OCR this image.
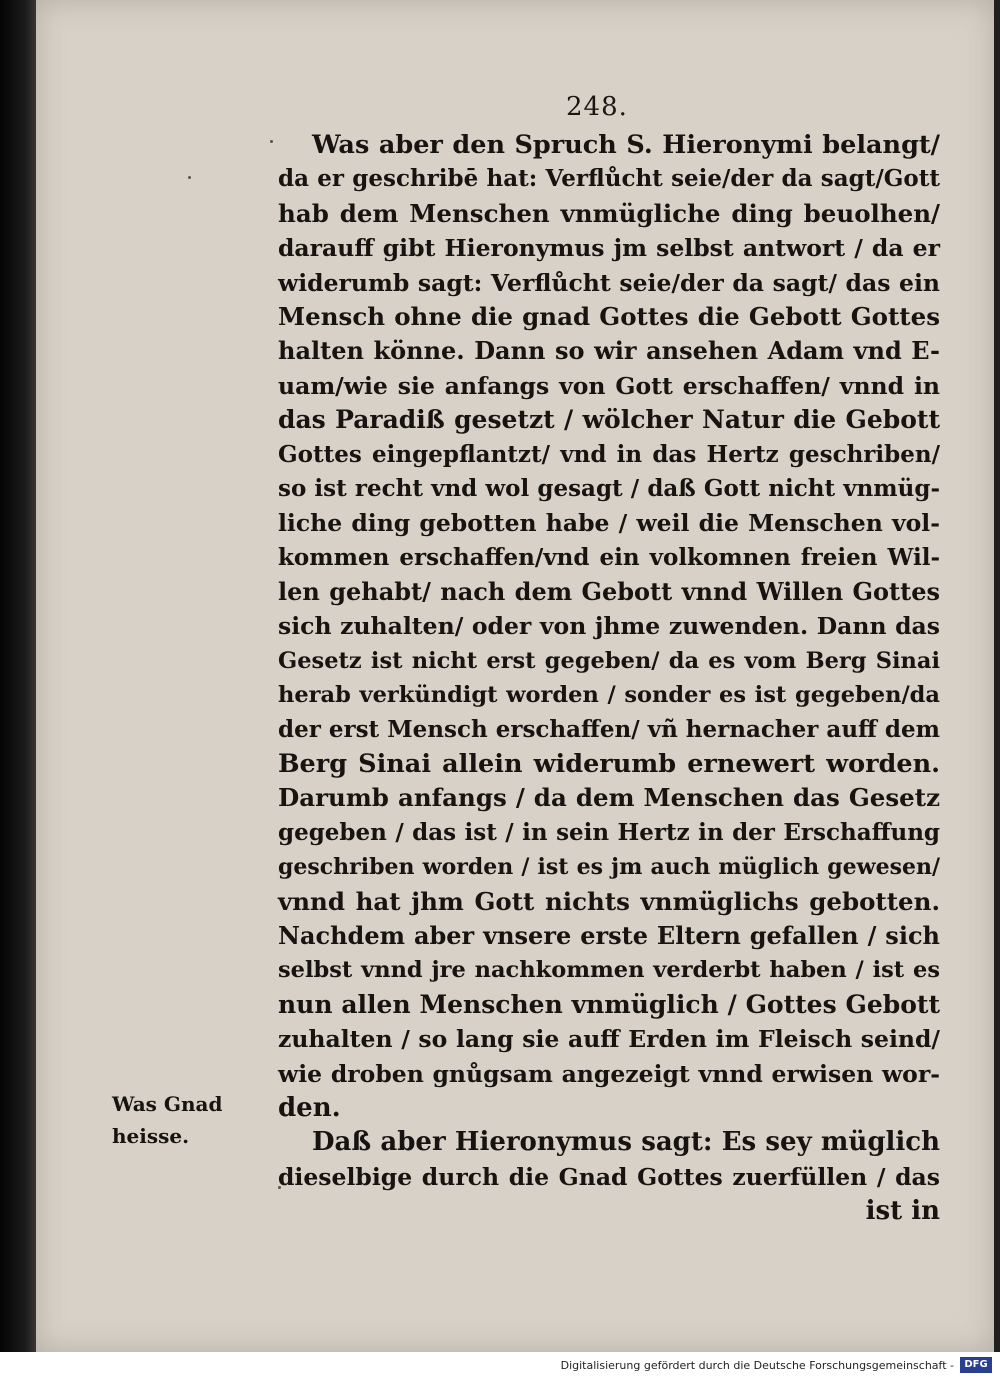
248.
Was aber den Spruch S. Hieronymi belangt/
da er geschribē hat: Verflůcht seie/der da sagt/Gott
hab dem Menschen vnmügliche ding beuolhen/
darauff gibt Hieronymus jm selbst antwort / da er
widerumb sagt: Verflůcht seie/der da sagt/ das ein
Mensch ohne die gnad Gottes die Gebott Gottes
halten könne. Dann so wir ansehen Adam vnd E-
uam/wie sie anfangs von Gott erschaffen/ vnnd in
das Paradiß gesetzt / wölcher Natur die Gebott
Gottes eingepflantzt/ vnd in das Hertz geschriben/
so ist recht vnd wol gesagt / daß Gott nicht vnmüg-
liche ding gebotten habe / weil die Menschen vol-
kommen erschaffen/vnd ein volkomnen freien Wil-
len gehabt/ nach dem Gebott vnnd Willen Gottes
sich zuhalten/ oder von jhme zuwenden. Dann das
Gesetz ist nicht erst gegeben/ da es vom Berg Sinai
herab verkündigt worden / sonder es ist gegeben/da
der erst Mensch erschaffen/ vñ hernacher auff dem
Berg Sinai allein widerumb ernewert worden.
Darumb anfangs / da dem Menschen das Gesetz
gegeben / das ist / in sein Hertz in der Erschaffung
geschriben worden / ist es jm auch müglich gewesen/
vnnd hat jhm Gott nichts vnmüglichs gebotten.
Nachdem aber vnsere erste Eltern gefallen / sich
selbst vnnd jre nachkommen verderbt haben / ist es
nun allen Menschen vnmüglich / Gottes Gebott
zuhalten / so lang sie auff Erden im Fleisch seind/
wie droben gnůgsam angezeigt vnnd erwisen wor-
den.
Daß aber Hieronymus sagt: Es sey müglich
dieselbige durch die Gnad Gottes zuerfüllen / das
ist in
Was Gnad
heisse.
Digitalisierung gefördert durch die Deutsche Forschungsgemeinschaft -	DFG
